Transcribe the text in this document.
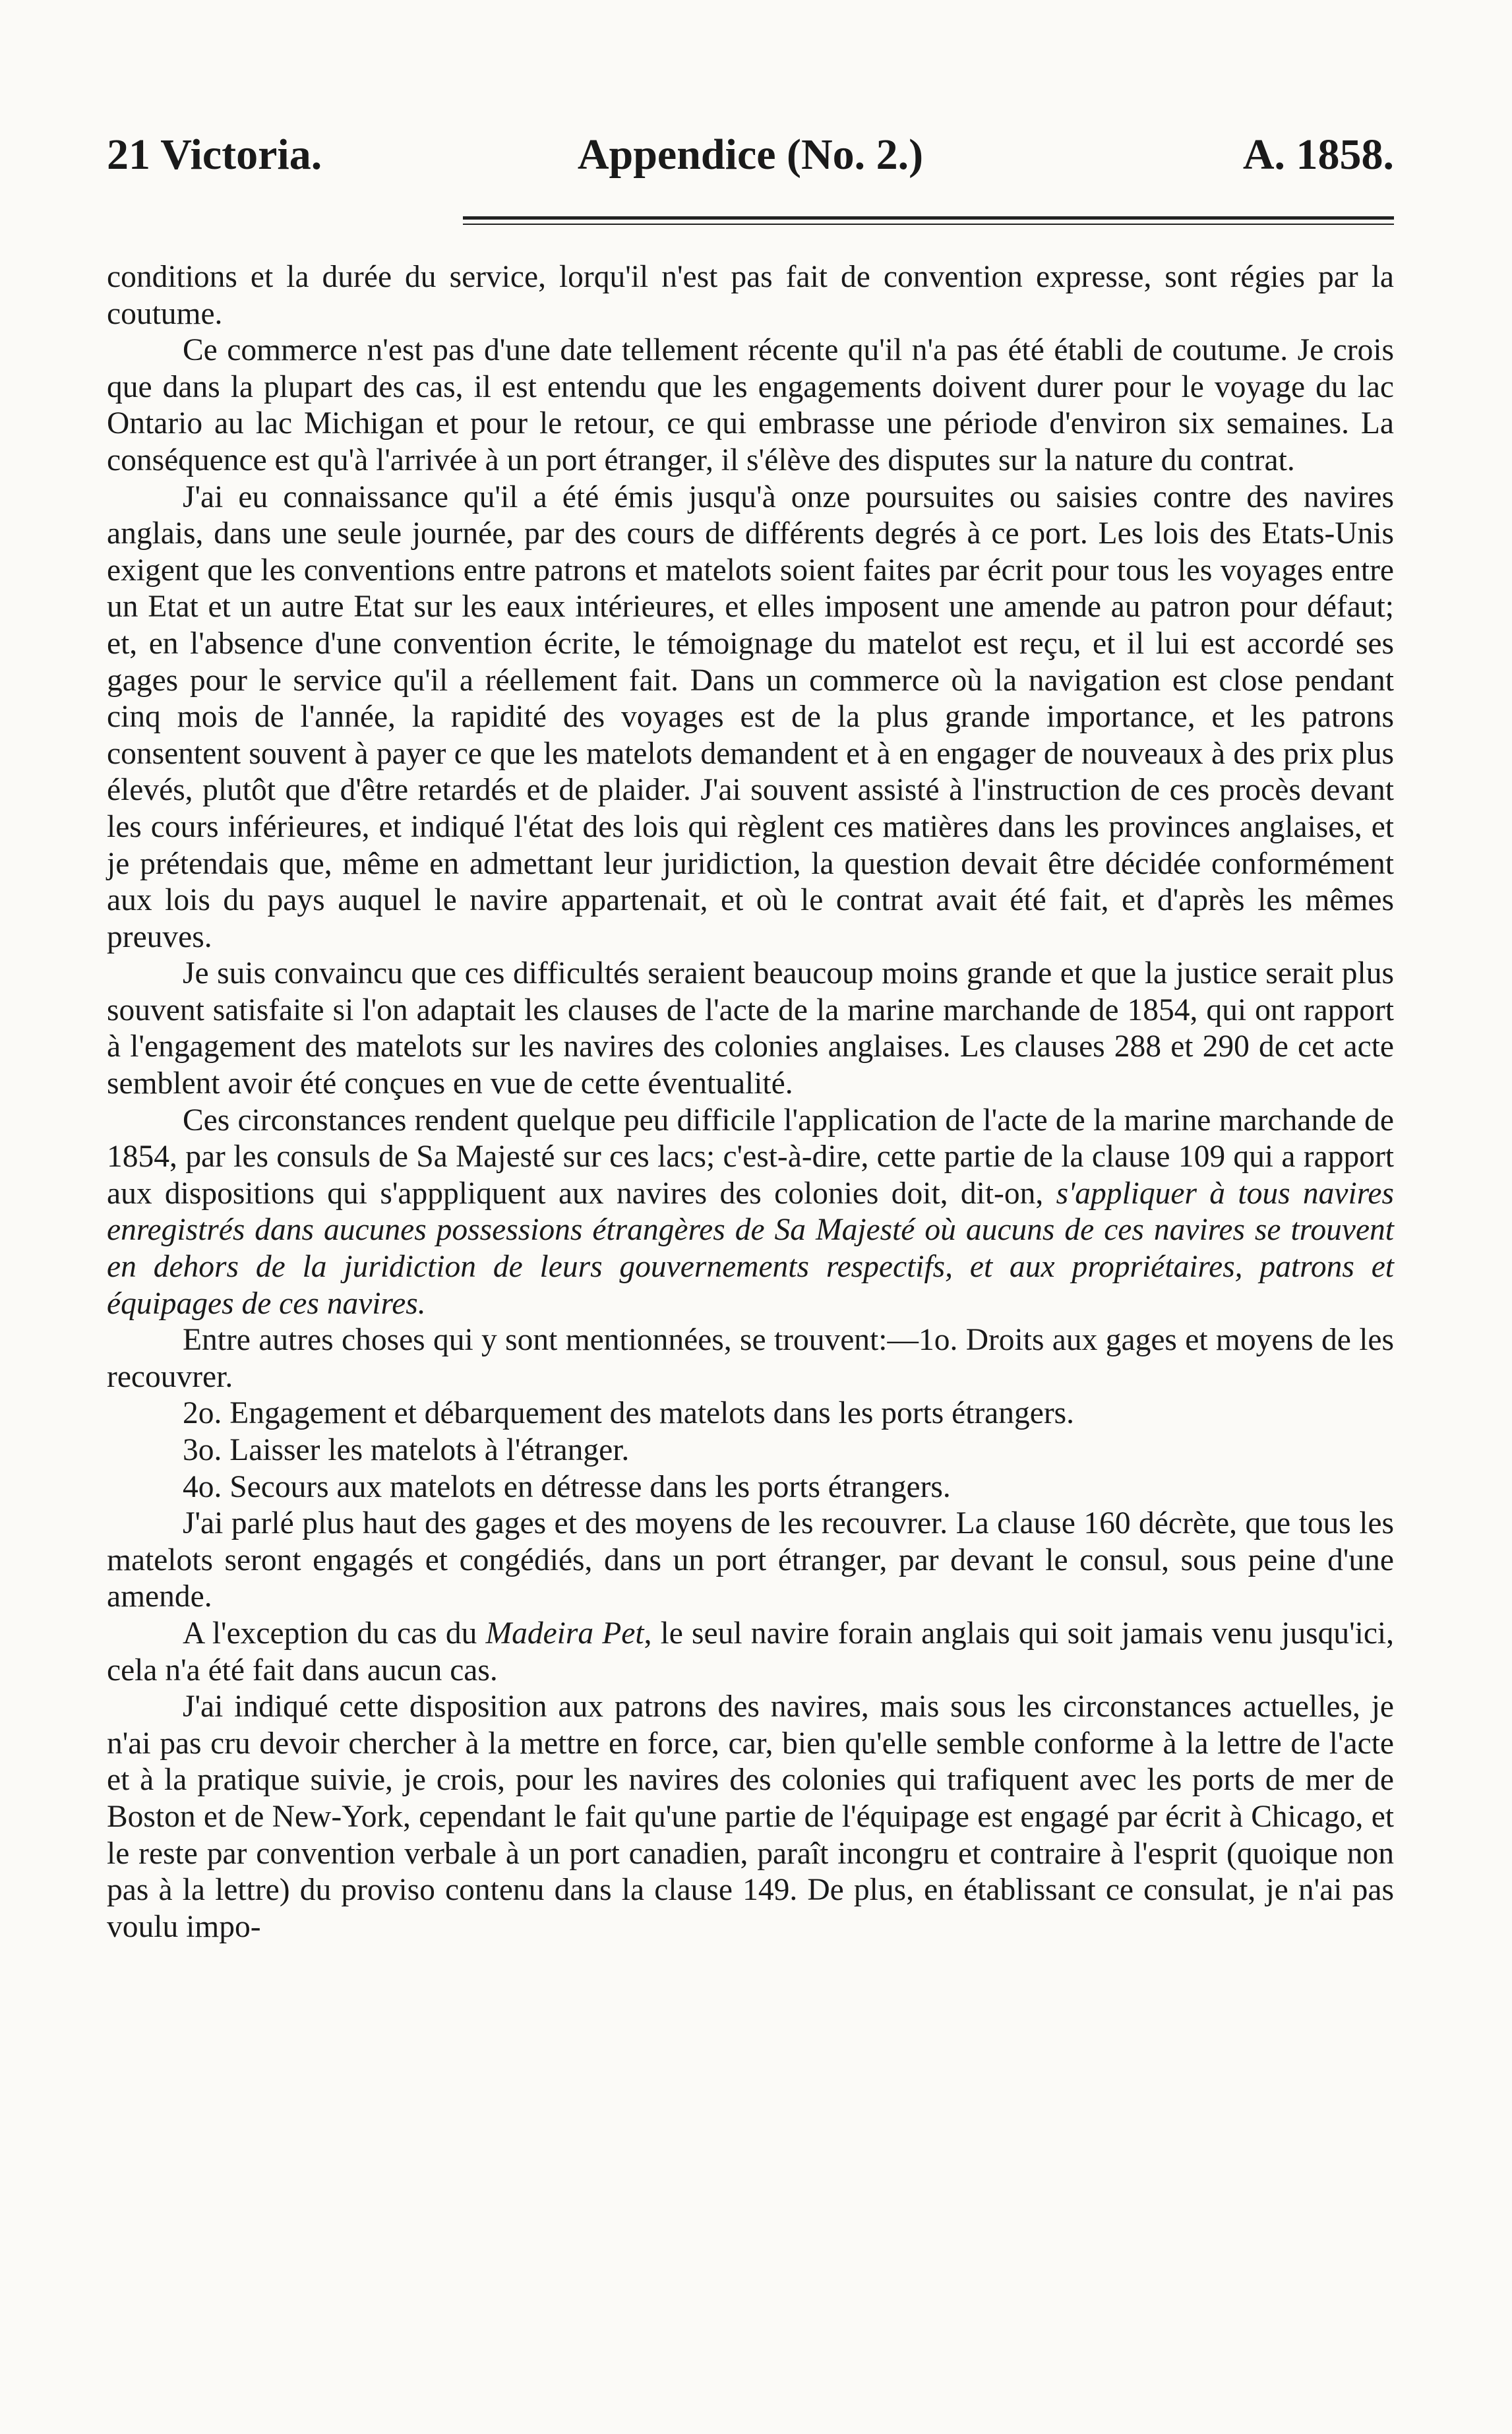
21 Victoria.	Appendice (No. 2.)	A. 1858.

conditions et la durée du service, lorqu'il n'est pas fait de convention expresse, sont régies par la coutume.

Ce commerce n'est pas d'une date tellement récente qu'il n'a pas été établi de coutume. Je crois que dans la plupart des cas, il est entendu que les engagements doivent durer pour le voyage du lac Ontario au lac Michigan et pour le retour, ce qui embrasse une période d'environ six semaines. La conséquence est qu'à l'arrivée à un port étranger, il s'élève des disputes sur la nature du contrat.

J'ai eu connaissance qu'il a été émis jusqu'à onze poursuites ou saisies contre des navires anglais, dans une seule journée, par des cours de différents degrés à ce port. Les lois des Etats-Unis exigent que les conventions entre patrons et matelots soient faites par écrit pour tous les voyages entre un Etat et un autre Etat sur les eaux intérieures, et elles imposent une amende au patron pour défaut; et, en l'absence d'une convention écrite, le témoignage du matelot est reçu, et il lui est accordé ses gages pour le service qu'il a réellement fait. Dans un commerce où la navigation est close pendant cinq mois de l'année, la rapidité des voyages est de la plus grande importance, et les patrons consentent souvent à payer ce que les matelots demandent et à en engager de nouveaux à des prix plus élevés, plutôt que d'être retardés et de plaider. J'ai souvent assisté à l'instruction de ces procès devant les cours inférieures, et indiqué l'état des lois qui règlent ces matières dans les provinces anglaises, et je prétendais que, même en admettant leur juridiction, la question devait être décidée conformément aux lois du pays auquel le navire appartenait, et où le contrat avait été fait, et d'après les mêmes preuves.

Je suis convaincu que ces difficultés seraient beaucoup moins grande et que la justice serait plus souvent satisfaite si l'on adaptait les clauses de l'acte de la marine marchande de 1854, qui ont rapport à l'engagement des matelots sur les navires des colonies anglaises. Les clauses 288 et 290 de cet acte semblent avoir été conçues en vue de cette éventualité.

Ces circonstances rendent quelque peu difficile l'application de l'acte de la marine marchande de 1854, par les consuls de Sa Majesté sur ces lacs; c'est-à-dire, cette partie de la clause 109 qui a rapport aux dispositions qui s'apppliquent aux navires des colonies doit, dit-on, s'appliquer à tous navires enregistrés dans aucunes possessions étrangères de Sa Majesté où aucuns de ces navires se trouvent en dehors de la juridiction de leurs gouvernements respectifs, et aux propriétaires, patrons et équipages de ces navires.

Entre autres choses qui y sont mentionnées, se trouvent:—1o. Droits aux gages et moyens de les recouvrer.

2o. Engagement et débarquement des matelots dans les ports étrangers.

3o. Laisser les matelots à l'étranger.

4o. Secours aux matelots en détresse dans les ports étrangers.

J'ai parlé plus haut des gages et des moyens de les recouvrer. La clause 160 décrète, que tous les matelots seront engagés et congédiés, dans un port étranger, par devant le consul, sous peine d'une amende.

A l'exception du cas du Madeira Pet, le seul navire forain anglais qui soit jamais venu jusqu'ici, cela n'a été fait dans aucun cas.

J'ai indiqué cette disposition aux patrons des navires, mais sous les circonstances actuelles, je n'ai pas cru devoir chercher à la mettre en force, car, bien qu'elle semble conforme à la lettre de l'acte et à la pratique suivie, je crois, pour les navires des colonies qui trafiquent avec les ports de mer de Boston et de New-York, cependant le fait qu'une partie de l'équipage est engagé par écrit à Chicago, et le reste par convention verbale à un port canadien, paraît incongru et contraire à l'esprit (quoique non pas à la lettre) du proviso contenu dans la clause 149. De plus, en établissant ce consulat, je n'ai pas voulu impo-
